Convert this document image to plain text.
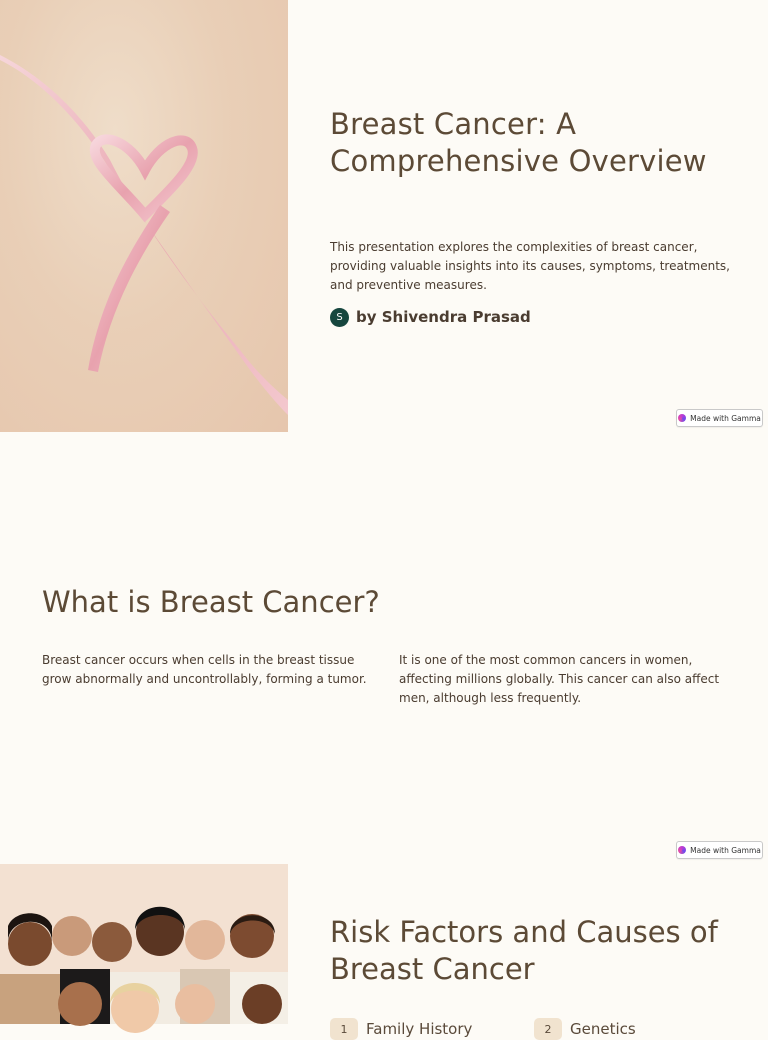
Breast Cancer: A Comprehensive Overview

This presentation explores the complexities of breast cancer, providing valuable insights into its causes, symptoms, treatments, and preventive measures.

S by Shivendra Prasad
Made with Gamma
What is Breast Cancer?

Breast cancer occurs when cells in the breast tissue grow abnormally and uncontrollably, forming a tumor.

It is one of the most common cancers in women, affecting millions globally. This cancer can also affect men, although less frequently.

Made with Gamma
Risk Factors and Causes of Breast Cancer
1	Family History	2	Genetics
